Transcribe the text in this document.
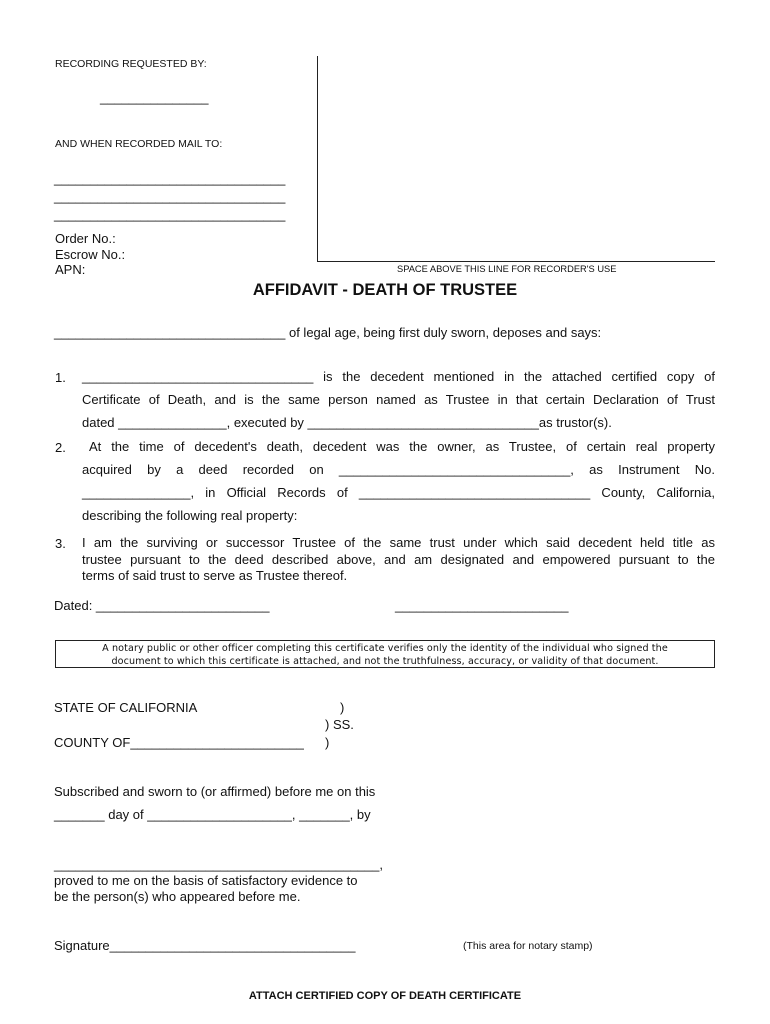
RECORDING REQUESTED BY:
_______________
AND WHEN RECORDED MAIL TO:
________________________________
________________________________
________________________________
Order No.:
Escrow No.:
APN:	SPACE ABOVE THIS LINE FOR RECORDER'S USE
AFFIDAVIT - DEATH OF TRUSTEE
________________________________ of legal age, being first duly sworn, deposes and says:
1. ________________________________ is the decedent mentioned in the attached certified copy of
Certificate of Death, and is the same person named as Trustee in that certain Declaration of Trust
dated _______________, executed by ________________________________as trustor(s).
2. At the time of decedent's death, decedent was the owner, as Trustee, of certain real property
acquired by a deed recorded on ________________________________, as Instrument No.
_______________, in Official Records of ________________________________ County, California,
describing the following real property:
3. I am the surviving or successor Trustee of the same trust under which said decedent held title as
trustee pursuant to the deed described above, and am designated and empowered pursuant to the
terms of said trust to serve as Trustee thereof.
Dated: ________________________	________________________
A notary public or other officer completing this certificate verifies only the identity of the individual who signed the
document to which this certificate is attached, and not the truthfulness, accuracy, or validity of that document.
STATE OF CALIFORNIA	)
) SS.
COUNTY OF________________________ )
Subscribed and sworn to (or affirmed) before me on this
_______ day of ____________________, _______, by
_____________________________________________,
proved to me on the basis of satisfactory evidence to
be the person(s) who appeared before me.
Signature__________________________________	(This area for notary stamp)
ATTACH CERTIFIED COPY OF DEATH CERTIFICATE
